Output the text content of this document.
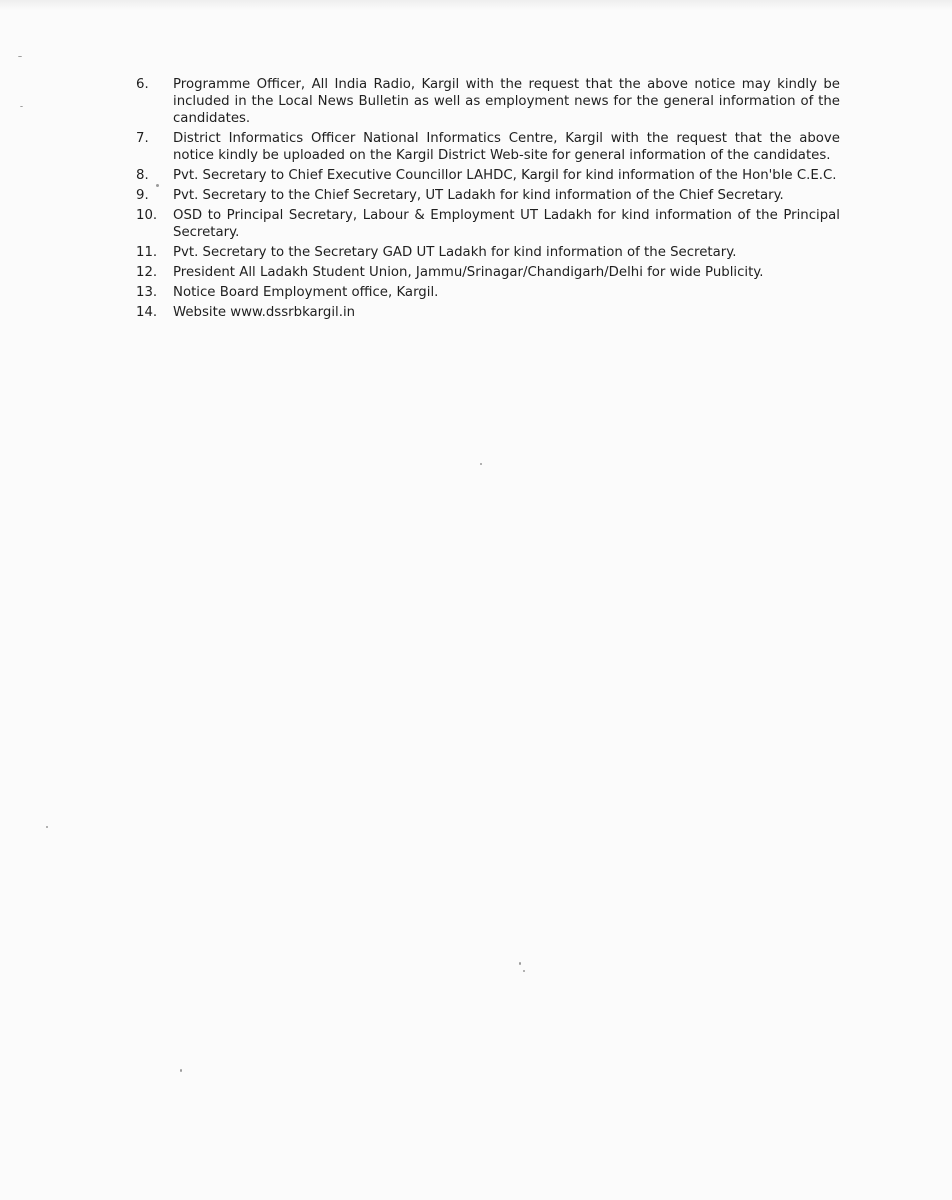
6.	Programme Officer, All India Radio, Kargil with the request that the above notice may kindly be included in the Local News Bulletin as well as employment news for the general information of the candidates.
7.	District Informatics Officer National Informatics Centre, Kargil with the request that the above notice kindly be uploaded on the Kargil District Web-site for general information of the candidates.
8.	Pvt. Secretary to Chief Executive Councillor LAHDC, Kargil for kind information of the Hon'ble C.E.C.
9.	Pvt. Secretary to the Chief Secretary, UT Ladakh for kind information of the Chief Secretary.
10.	OSD to Principal Secretary, Labour & Employment UT Ladakh for kind information of the Principal Secretary.
11.	Pvt. Secretary to the Secretary GAD UT Ladakh for kind information of the Secretary.
12.	President All Ladakh Student Union, Jammu/Srinagar/Chandigarh/Delhi for wide Publicity.
13.	Notice Board Employment office, Kargil.
14.	Website www.dssrbkargil.in
